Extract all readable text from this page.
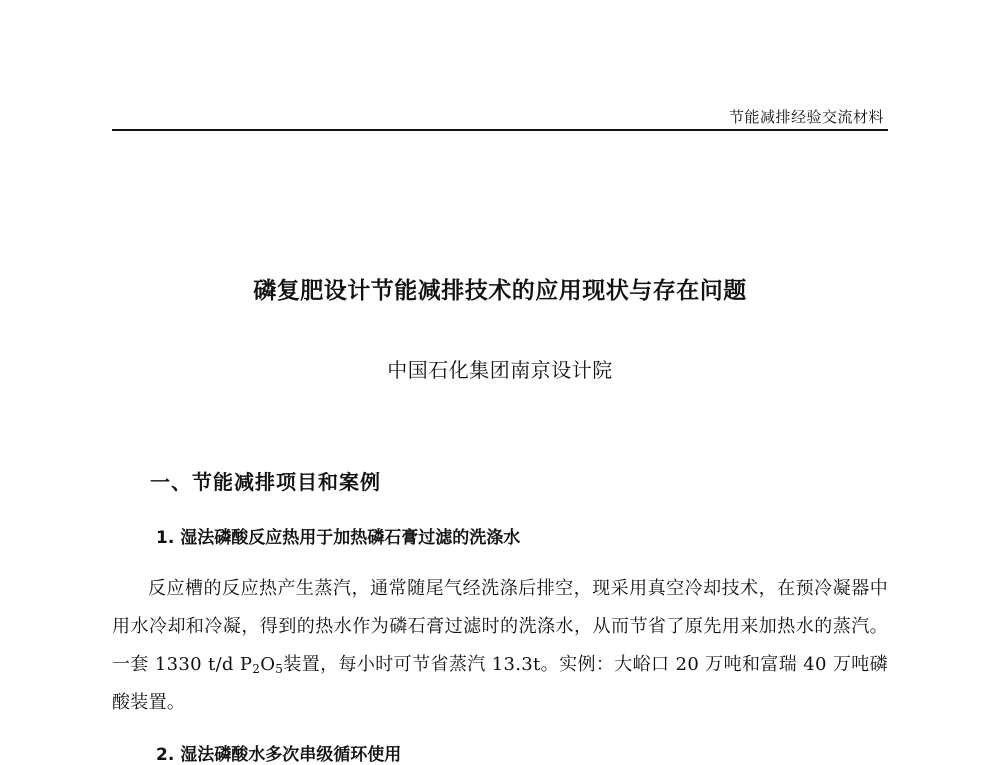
节能减排经验交流材料
磷复肥设计节能减排技术的应用现状与存在问题
中国石化集团南京设计院
一、节能减排项目和案例
1. 湿法磷酸反应热用于加热磷石膏过滤的洗涤水
反应槽的反应热产生蒸汽，通常随尾气经洗涤后排空，现采用真空冷却技术，在预冷凝器中用水冷却和冷凝，得到的热水作为磷石膏过滤时的洗涤水，从而节省了原先用来加热水的蒸汽。一套 1330 t/d $P_2O_5$装置，每小时可节省蒸汽 13.3t。实例：大峪口 20 万吨和富瑞 40 万吨磷酸装置。
2. 湿法磷酸水多次串级循环使用
